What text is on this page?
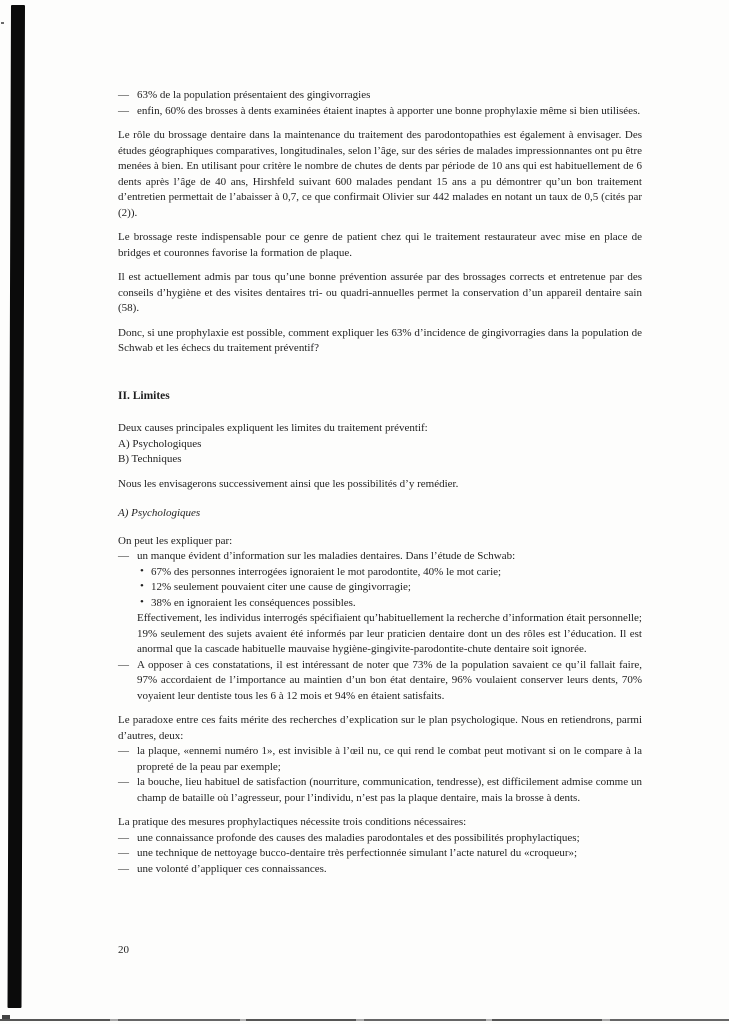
— 63% de la population présentaient des gingivorragies
— enfin, 60% des brosses à dents examinées étaient inaptes à apporter une bonne prophylaxie même si bien utilisées.
Le rôle du brossage dentaire dans la maintenance du traitement des parodontopathies est également à envisager. Des études géographiques comparatives, longitudinales, selon l’âge, sur des séries de malades impressionnantes ont pu être menées à bien. En utilisant pour critère le nombre de chutes de dents par période de 10 ans qui est habituellement de 6 dents après l’âge de 40 ans, Hirshfeld suivant 600 malades pendant 15 ans a pu démontrer qu’un bon traitement d’entretien permettait de l’abaisser à 0,7, ce que confirmait Olivier sur 442 malades en notant un taux de 0,5 (cités par (2)).
Le brossage reste indispensable pour ce genre de patient chez qui le traitement restaurateur avec mise en place de bridges et couronnes favorise la formation de plaque.
Il est actuellement admis par tous qu’une bonne prévention assurée par des brossages corrects et entretenue par des conseils d’hygiène et des visites dentaires tri- ou quadri-annuelles permet la conservation d’un appareil dentaire sain (58).
Donc, si une prophylaxie est possible, comment expliquer les 63% d’incidence de gingivorragies dans la population de Schwab et les échecs du traitement préventif?
II. Limites
Deux causes principales expliquent les limites du traitement préventif:
A) Psychologiques
B) Techniques
Nous les envisagerons successivement ainsi que les possibilités d’y remédier.
A) Psychologiques
On peut les expliquer par:
— un manque évident d’information sur les maladies dentaires. Dans l’étude de Schwab:
• 67% des personnes interrogées ignoraient le mot parodontite, 40% le mot carie;
• 12% seulement pouvaient citer une cause de gingivorragie;
• 38% en ignoraient les conséquences possibles.
Effectivement, les individus interrogés spécifiaient qu’habituellement la recherche d’information était personnelle; 19% seulement des sujets avaient été informés par leur praticien dentaire dont un des rôles est l’éducation. Il est anormal que la cascade habituelle mauvaise hygiène-gingivite-parodontite-chute dentaire soit ignorée.
— A opposer à ces constatations, il est intéressant de noter que 73% de la population savaient ce qu’il fallait faire, 97% accordaient de l’importance au maintien d’un bon état dentaire, 96% voulaient conserver leurs dents, 70% voyaient leur dentiste tous les 6 à 12 mois et 94% en étaient satisfaits.
Le paradoxe entre ces faits mérite des recherches d’explication sur le plan psychologique. Nous en retiendrons, parmi d’autres, deux:
— la plaque, «ennemi numéro 1», est invisible à l’œil nu, ce qui rend le combat peut motivant si on le compare à la propreté de la peau par exemple;
— la bouche, lieu habituel de satisfaction (nourriture, communication, tendresse), est difficilement admise comme un champ de bataille où l’agresseur, pour l’individu, n’est pas la plaque dentaire, mais la brosse à dents.
La pratique des mesures prophylactiques nécessite trois conditions nécessaires:
— une connaissance profonde des causes des maladies parodontales et des possibilités prophylactiques;
— une technique de nettoyage bucco-dentaire très perfectionnée simulant l’acte naturel du «croqueur»;
— une volonté d’appliquer ces connaissances.
20
